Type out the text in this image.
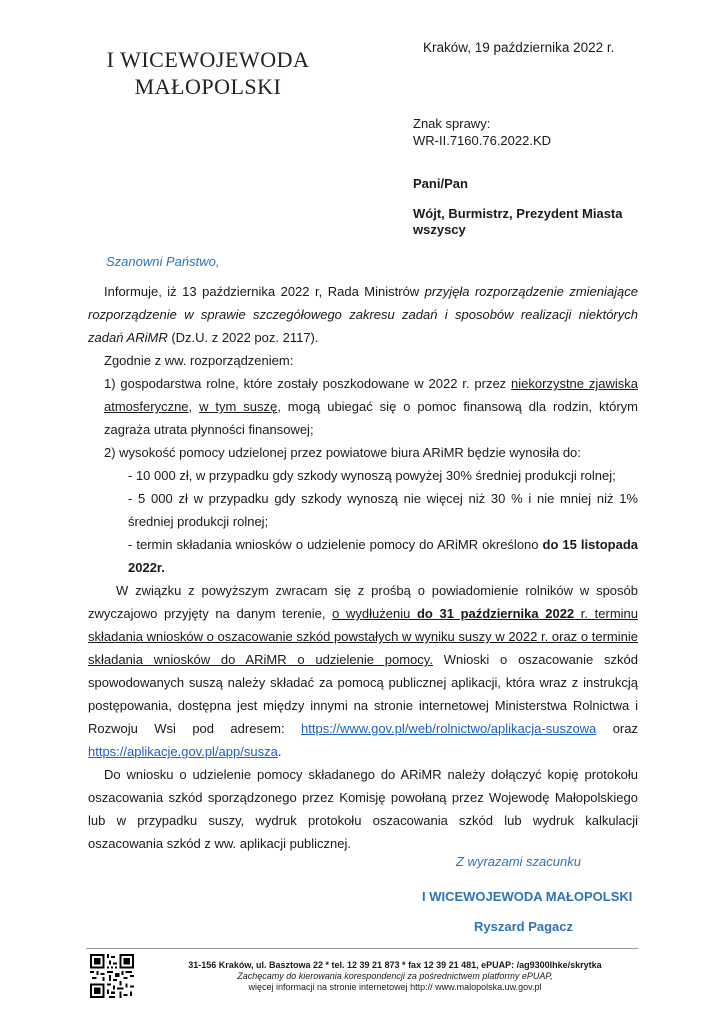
I WICEWOJEWODA
MAŁOPOLSKI
Kraków, 19 października 2022 r.
Znak sprawy:
WR-II.7160.76.2022.KD
Pani/Pan
Wójt, Burmistrz, Prezydent Miasta
wszyscy
Szanowni Państwo,

Informuje, iż 13 października 2022 r, Rada Ministrów przyjęła rozporządzenie zmieniające rozporządzenie w sprawie szczegółowego zakresu zadań i sposobów realizacji niektórych zadań ARiMR (Dz.U. z 2022 poz. 2117).

Zgodnie z ww. rozporządzeniem:

1) gospodarstwa rolne, które zostały poszkodowane w 2022 r. przez niekorzystne zjawiska atmosferyczne, w tym suszę, mogą ubiegać się o pomoc finansową dla rodzin, którym zagraża utrata płynności finansowej;

2) wysokość pomocy udzielonej przez powiatowe biura ARiMR będzie wynosiła do:

- 10 000 zł, w przypadku gdy szkody wynoszą powyżej 30% średniej produkcji rolnej;

- 5 000 zł w przypadku gdy szkody wynoszą nie więcej niż 30 % i nie mniej niż 1% średniej produkcji rolnej;

- termin składania wniosków o udzielenie pomocy do ARiMR określono do 15 listopada 2022r.

W związku z powyższym zwracam się z prośbą o powiadomienie rolników w sposób zwyczajowo przyjęty na danym terenie, o wydłużeniu do 31 października 2022 r. terminu składania wniosków o oszacowanie szkód powstałych w wyniku suszy w 2022 r. oraz o terminie składania wniosków do ARiMR o udzielenie pomocy. Wnioski o oszacowanie szkód spowodowanych suszą należy składać za pomocą publicznej aplikacji, która wraz z instrukcją postępowania, dostępna jest między innymi na stronie internetowej Ministerstwa Rolnictwa i Rozwoju Wsi pod adresem: https://www.gov.pl/web/rolnictwo/aplikacja-suszowa oraz https://aplikacje.gov.pl/app/susza.

Do wniosku o udzielenie pomocy składanego do ARiMR należy dołączyć kopię protokołu oszacowania szkód sporządzonego przez Komisję powołaną przez Wojewodę Małopolskiego lub w przypadku suszy, wydruk protokołu oszacowania szkód lub wydruk kalkulacji oszacowania szkód z ww. aplikacji publicznej.

Z wyrazami szacunku
I WICEWOJEWODA MAŁOPOLSKI
Ryszard Pagacz
31-156 Kraków, ul. Basztowa 22 * tel. 12 39 21 873 * fax 12 39 21 481, ePUAP: /ag9300lhke/skrytka
Zachęcamy do kierowania korespondencji za pośrednictwem platformy ePUAP,
więcej informacji na stronie internetowej http:// www.malopolska.uw.gov.pl
